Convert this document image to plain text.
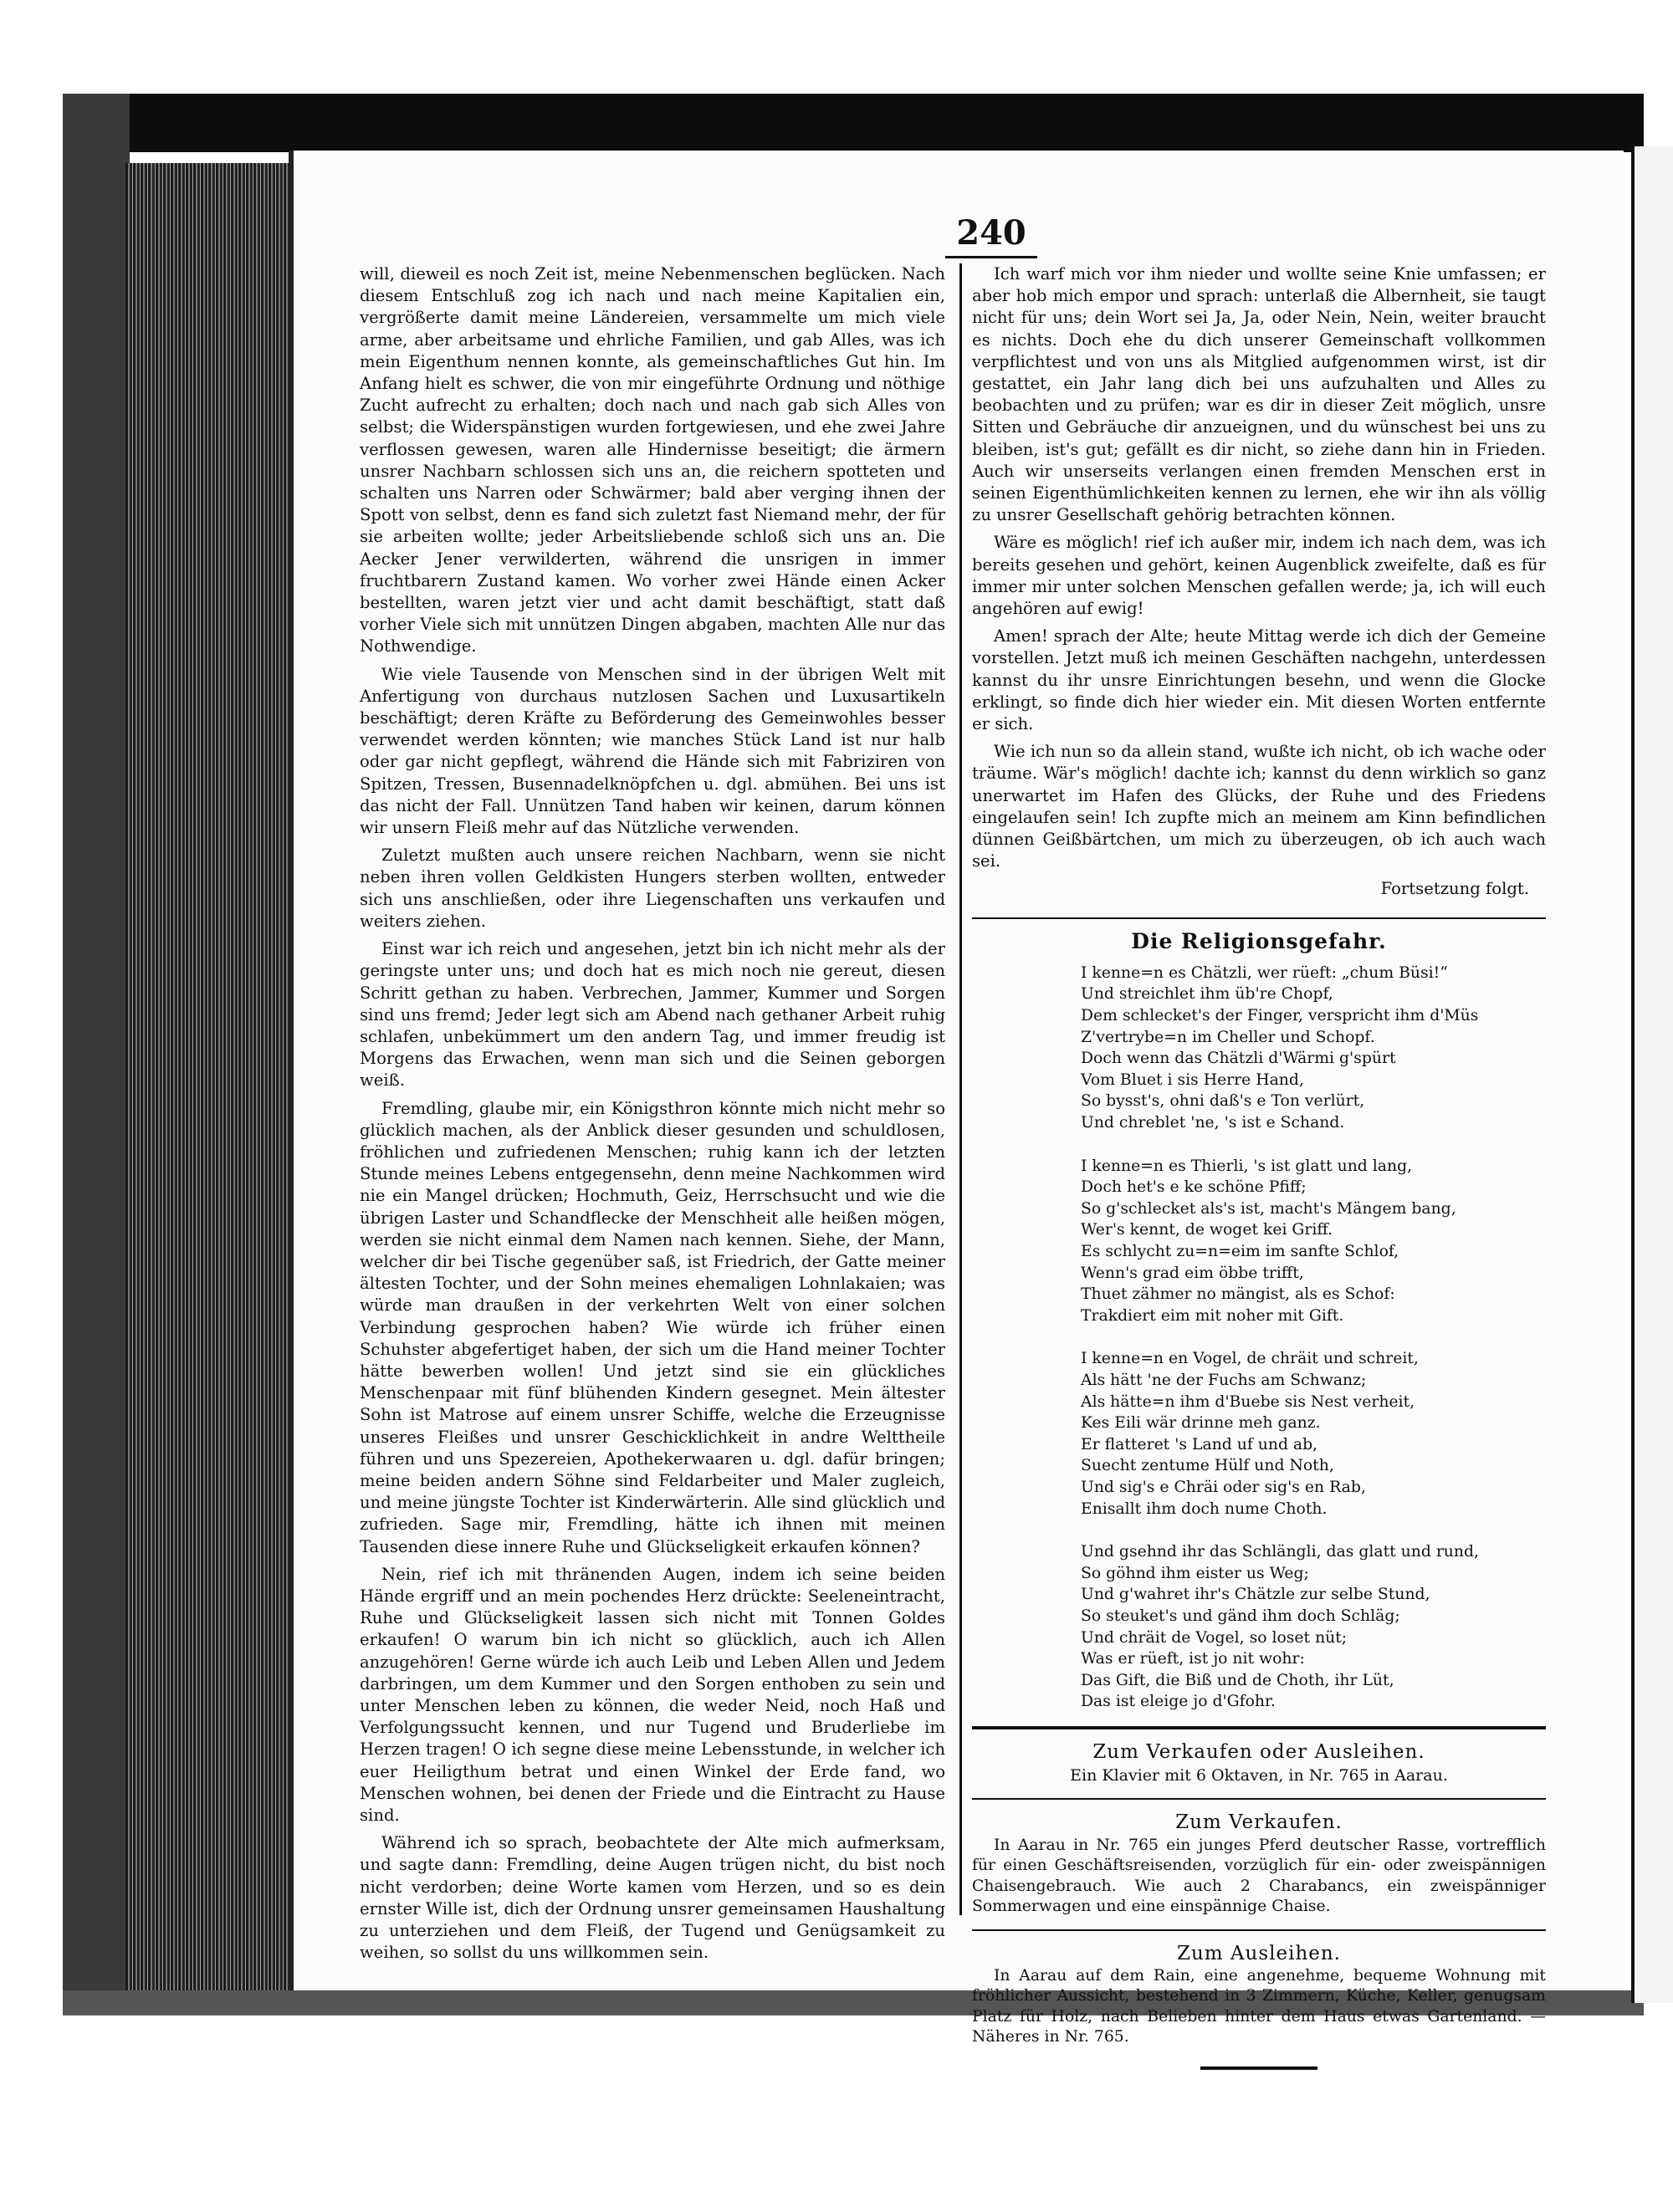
240

will, dieweil es noch Zeit ist, meine Nebenmenschen beglücken. Nach diesem Entschluß zog ich nach und nach meine Kapitalien ein, vergrößerte damit meine Ländereien, versammelte um mich viele arme, aber arbeitsame und ehrliche Familien, und gab Alles, was ich mein Eigenthum nennen konnte, als gemeinschaftliches Gut hin. Im Anfang hielt es schwer, die von mir eingeführte Ordnung und nöthige Zucht aufrecht zu erhalten; doch nach und nach gab sich Alles von selbst; die Widerspänstigen wurden fortgewiesen, und ehe zwei Jahre verflossen gewesen, waren alle Hindernisse beseitigt; die ärmern unsrer Nachbarn schlossen sich uns an, die reichern spotteten und schalten uns Narren oder Schwärmer; bald aber verging ihnen der Spott von selbst, denn es fand sich zuletzt fast Niemand mehr, der für sie arbeiten wollte; jeder Arbeitsliebende schloß sich uns an. Die Aecker Jener verwilderten, während die unsrigen in immer fruchtbarern Zustand kamen. Wo vorher zwei Hände einen Acker bestellten, waren jetzt vier und acht damit beschäftigt, statt daß vorher Viele sich mit unnützen Dingen abgaben, machten Alle nur das Nothwendige.

Wie viele Tausende von Menschen sind in der übrigen Welt mit Anfertigung von durchaus nutzlosen Sachen und Luxusartikeln beschäftigt; deren Kräfte zu Beförderung des Gemeinwohles besser verwendet werden könnten; wie manches Stück Land ist nur halb oder gar nicht gepflegt, während die Hände sich mit Fabriziren von Spitzen, Tressen, Busennadelknöpfchen u. dgl. abmühen. Bei uns ist das nicht der Fall. Unnützen Tand haben wir keinen, darum können wir unsern Fleiß mehr auf das Nützliche verwenden.

Zuletzt mußten auch unsere reichen Nachbarn, wenn sie nicht neben ihren vollen Geldkisten Hungers sterben wollten, entweder sich uns anschließen, oder ihre Liegenschaften uns verkaufen und weiters ziehen.

Einst war ich reich und angesehen, jetzt bin ich nicht mehr als der geringste unter uns; und doch hat es mich noch nie gereut, diesen Schritt gethan zu haben. Verbrechen, Jammer, Kummer und Sorgen sind uns fremd; Jeder legt sich am Abend nach gethaner Arbeit ruhig schlafen, unbekümmert um den andern Tag, und immer freudig ist Morgens das Erwachen, wenn man sich und die Seinen geborgen weiß.

Fremdling, glaube mir, ein Königsthron könnte mich nicht mehr so glücklich machen, als der Anblick dieser gesunden und schuldlosen, fröhlichen und zufriedenen Menschen; ruhig kann ich der letzten Stunde meines Lebens entgegensehn, denn meine Nachkommen wird nie ein Mangel drücken; Hochmuth, Geiz, Herrschsucht und wie die übrigen Laster und Schandflecke der Menschheit alle heißen mögen, werden sie nicht einmal dem Namen nach kennen. Siehe, der Mann, welcher dir bei Tische gegenüber saß, ist Friedrich, der Gatte meiner ältesten Tochter, und der Sohn meines ehemaligen Lohnlakaien; was würde man draußen in der verkehrten Welt von einer solchen Verbindung gesprochen haben? Wie würde ich früher einen Schuhster abgefertiget haben, der sich um die Hand meiner Tochter hätte bewerben wollen! Und jetzt sind sie ein glückliches Menschenpaar mit fünf blühenden Kindern gesegnet. Mein ältester Sohn ist Matrose auf einem unsrer Schiffe, welche die Erzeugnisse unseres Fleißes und unsrer Geschicklichkeit in andre Welttheile führen und uns Spezereien, Apothekerwaaren u. dgl. dafür bringen; meine beiden andern Söhne sind Feldarbeiter und Maler zugleich, und meine jüngste Tochter ist Kinderwärterin. Alle sind glücklich und zufrieden. Sage mir, Fremdling, hätte ich ihnen mit meinen Tausenden diese innere Ruhe und Glückseligkeit erkaufen können?

Nein, rief ich mit thränenden Augen, indem ich seine beiden Hände ergriff und an mein pochendes Herz drückte: Seeleneintracht, Ruhe und Glückseligkeit lassen sich nicht mit Tonnen Goldes erkaufen! O warum bin ich nicht so glücklich, auch ich Allen anzugehören! Gerne würde ich auch Leib und Leben Allen und Jedem darbringen, um dem Kummer und den Sorgen enthoben zu sein und unter Menschen leben zu können, die weder Neid, noch Haß und Verfolgungssucht kennen, und nur Tugend und Bruderliebe im Herzen tragen! O ich segne diese meine Lebensstunde, in welcher ich euer Heiligthum betrat und einen Winkel der Erde fand, wo Menschen wohnen, bei denen der Friede und die Eintracht zu Hause sind.

Während ich so sprach, beobachtete der Alte mich aufmerksam, und sagte dann: Fremdling, deine Augen trügen nicht, du bist noch nicht verdorben; deine Worte kamen vom Herzen, und so es dein ernster Wille ist, dich der Ordnung unsrer gemeinsamen Haushaltung zu unterziehen und dem Fleiß, der Tugend und Genügsamkeit zu weihen, so sollst du uns willkommen sein.

Ich warf mich vor ihm nieder und wollte seine Knie umfassen; er aber hob mich empor und sprach: unterlaß die Albernheit, sie taugt nicht für uns; dein Wort sei Ja, Ja, oder Nein, Nein, weiter braucht es nichts. Doch ehe du dich unserer Gemeinschaft vollkommen verpflichtest und von uns als Mitglied aufgenommen wirst, ist dir gestattet, ein Jahr lang dich bei uns aufzuhalten und Alles zu beobachten und zu prüfen; war es dir in dieser Zeit möglich, unsre Sitten und Gebräuche dir anzueignen, und du wünschest bei uns zu bleiben, ist's gut; gefällt es dir nicht, so ziehe dann hin in Frieden. Auch wir unserseits verlangen einen fremden Menschen erst in seinen Eigenthümlichkeiten kennen zu lernen, ehe wir ihn als völlig zu unsrer Gesellschaft gehörig betrachten können.

Wäre es möglich! rief ich außer mir, indem ich nach dem, was ich bereits gesehen und gehört, keinen Augenblick zweifelte, daß es für immer mir unter solchen Menschen gefallen werde; ja, ich will euch angehören auf ewig!

Amen! sprach der Alte; heute Mittag werde ich dich der Gemeine vorstellen. Jetzt muß ich meinen Geschäften nachgehn, unterdessen kannst du ihr unsre Einrichtungen besehn, und wenn die Glocke erklingt, so finde dich hier wieder ein. Mit diesen Worten entfernte er sich.

Wie ich nun so da allein stand, wußte ich nicht, ob ich wache oder träume. Wär's möglich! dachte ich; kannst du denn wirklich so ganz unerwartet im Hafen des Glücks, der Ruhe und des Friedens eingelaufen sein! Ich zupfte mich an meinem am Kinn befindlichen dünnen Geißbärtchen, um mich zu überzeugen, ob ich auch wach sei.

Fortsetzung folgt.
Die Religionsgefahr.
I kenne=n es Chätzli, wer rüeft: „chum Büsi!“
Und streichlet ihm üb're Chopf,
Dem schlecket's der Finger, verspricht ihm d'Müs
Z'vertrybe=n im Cheller und Schopf.
Doch wenn das Chätzli d'Wärmi g'spürt
Vom Bluet i sis Herre Hand,
So bysst's, ohni daß's e Ton verlürt,
Und chreblet 'ne, 's ist e Schand.
I kenne=n es Thierli, 's ist glatt und lang,
Doch het's e ke schöne Pfiff;
So g'schlecket als's ist, macht's Mängem bang,
Wer's kennt, de woget kei Griff.
Es schlycht zu=n=eim im sanfte Schlof,
Wenn's grad eim öbbe trifft,
Thuet zähmer no mängist, als es Schof:
Trakdiert eim mit noher mit Gift.
I kenne=n en Vogel, de chräit und schreit,
Als hätt 'ne der Fuchs am Schwanz;
Als hätte=n ihm d'Buebe sis Nest verheit,
Kes Eili wär drinne meh ganz.
Er flatteret 's Land uf und ab,
Suecht zentume Hülf und Noth,
Und sig's e Chräi oder sig's en Rab,
Enisallt ihm doch nume Choth.
Und gsehnd ihr das Schlängli, das glatt und rund,
So göhnd ihm eister us Weg;
Und g'wahret ihr's Chätzle zur selbe Stund,
So steuket's und gänd ihm doch Schläg;
Und chräit de Vogel, so loset nüt;
Was er rüeft, ist jo nit wohr:
Das Gift, die Biß und de Choth, ihr Lüt,
Das ist eleige jo d'Gfohr.
Zum Verkaufen oder Ausleihen.
Ein Klavier mit 6 Oktaven, in Nr. 765 in Aarau.
Zum Verkaufen.

In Aarau in Nr. 765 ein junges Pferd deutscher Rasse, vortrefflich für einen Geschäftsreisenden, vorzüglich für ein- oder zweispännigen Chaisengebrauch. Wie auch 2 Charabancs, ein zweispänniger Sommerwagen und eine einspännige Chaise.

Zum Ausleihen.

In Aarau auf dem Rain, eine angenehme, bequeme Wohnung mit fröhlicher Aussicht, bestehend in 3 Zimmern, Küche, Keller, genugsam Platz für Holz, nach Belieben hinter dem Haus etwas Gartenland. — Näheres in Nr. 765.
